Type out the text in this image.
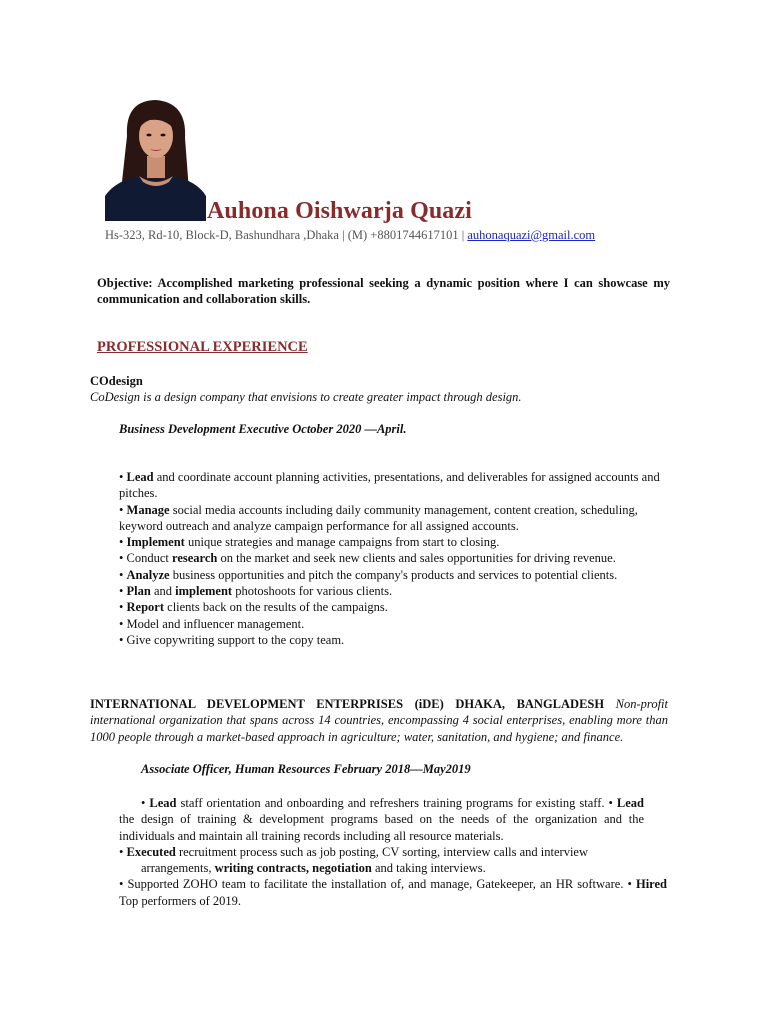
Auhona Oishwarja Quazi
Hs-323, Rd-10, Block-D, Bashundhara ,Dhaka | (M) +8801744617101 | auhonaquazi@gmail.com
Objective: Accomplished marketing professional seeking a dynamic position where I can showcase my communication and collaboration skills.
PROFESSIONAL EXPERIENCE
COdesign
CoDesign is a design company that envisions to create greater impact through design.
Business Development Executive October 2020 —April.
• Lead and coordinate account planning activities, presentations, and deliverables for assigned accounts and
pitches.
• Manage social media accounts including daily community management, content creation, scheduling,
keyword outreach and analyze campaign performance for all assigned accounts.
• Implement unique strategies and manage campaigns from start to closing.
• Conduct research on the market and seek new clients and sales opportunities for driving revenue.
• Analyze business opportunities and pitch the company's products and services to potential clients.
• Plan and implement photoshoots for various clients.
• Report clients back on the results of the campaigns.
• Model and influencer management.
• Give copywriting support to the copy team.
INTERNATIONAL DEVELOPMENT ENTERPRISES (iDE) DHAKA, BANGLADESH Non-profit
international organization that spans across 14 countries, encompassing 4 social enterprises, enabling more than
1000 people through a market-based approach in agriculture; water, sanitation, and hygiene; and finance.
Associate Officer, Human Resources February 2018—May2019
• Lead staff orientation and onboarding and refreshers training programs for existing staff. • Lead
the design of training & development programs based on the needs of the organization and the
individuals and maintain all training records including all resource materials.
• Executed recruitment process such as job posting, CV sorting, interview calls and interview
arrangements, writing contracts, negotiation and taking interviews.
• Supported ZOHO team to facilitate the installation of, and manage, Gatekeeper, an HR software. • Hired
Top performers of 2019.
